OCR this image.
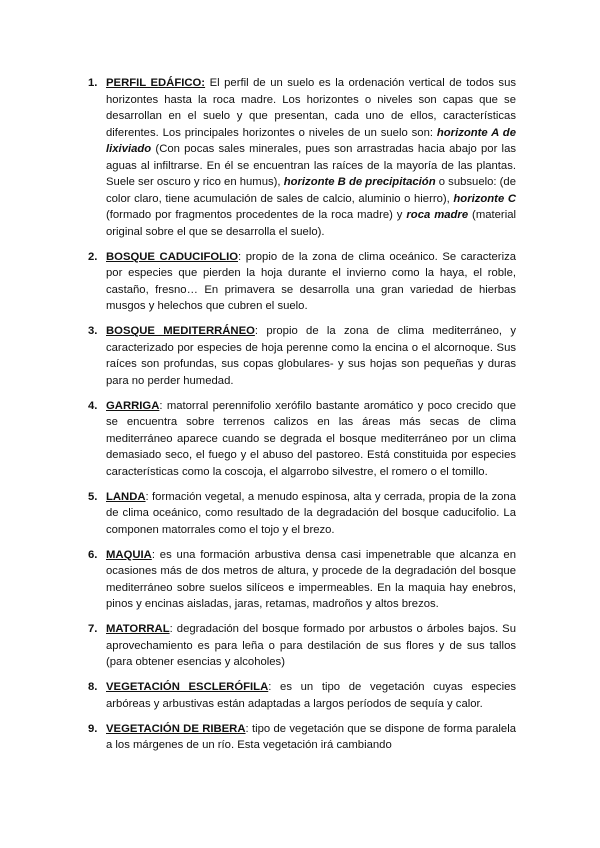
1. PERFIL EDÁFICO: El perfil de un suelo es la ordenación vertical de todos sus horizontes hasta la roca madre. Los horizontes o niveles son capas que se desarrollan en el suelo y que presentan, cada uno de ellos, características diferentes. Los principales horizontes o niveles de un suelo son: horizonte A de lixiviado (Con pocas sales minerales, pues son arrastradas hacia abajo por las aguas al infiltrarse. En él se encuentran las raíces de la mayoría de las plantas. Suele ser oscuro y rico en humus), horizonte B de precipitación o subsuelo: (de color claro, tiene acumulación de sales de calcio, aluminio o hierro), horizonte C (formado por fragmentos procedentes de la roca madre) y roca madre (material original sobre el que se desarrolla el suelo).
2. BOSQUE CADUCIFOLIO: propio de la zona de clima oceánico. Se caracteriza por especies que pierden la hoja durante el invierno como la haya, el roble, castaño, fresno… En primavera se desarrolla una gran variedad de hierbas musgos y helechos que cubren el suelo.
3. BOSQUE MEDITERRÁNEO: propio de la zona de clima mediterráneo, y caracterizado por especies de hoja perenne como la encina o el alcornoque. Sus raíces son profundas, sus copas globulares- y sus hojas son pequeñas y duras para no perder humedad.
4. GARRIGA: matorral perennifolio xerófilo bastante aromático y poco crecido que se encuentra sobre terrenos calizos en las áreas más secas de clima mediterráneo aparece cuando se degrada el bosque mediterráneo por un clima demasiado seco, el fuego y el abuso del pastoreo. Está constituida por especies características como la coscoja, el algarrobo silvestre, el romero o el tomillo.
5. LANDA: formación vegetal, a menudo espinosa, alta y cerrada, propia de la zona de clima oceánico, como resultado de la degradación del bosque caducifolio. La componen matorrales como el tojo y el brezo.
6. MAQUIA: es una formación arbustiva densa casi impenetrable que alcanza en ocasiones más de dos metros de altura, y procede de la degradación del bosque mediterráneo sobre suelos silíceos e impermeables. En la maquia hay enebros, pinos y encinas aisladas, jaras, retamas, madroños y altos brezos.
7. MATORRAL: degradación del bosque formado por arbustos o árboles bajos. Su aprovechamiento es para leña o para destilación de sus flores y de sus tallos (para obtener esencias y alcoholes)
8. VEGETACIÓN ESCLERÓFILA: es un tipo de vegetación cuyas especies arbóreas y arbustivas están adaptadas a largos períodos de sequía y calor.
9. VEGETACIÓN DE RIBERA: tipo de vegetación que se dispone de forma paralela a los márgenes de un río. Esta vegetación irá cambiando
